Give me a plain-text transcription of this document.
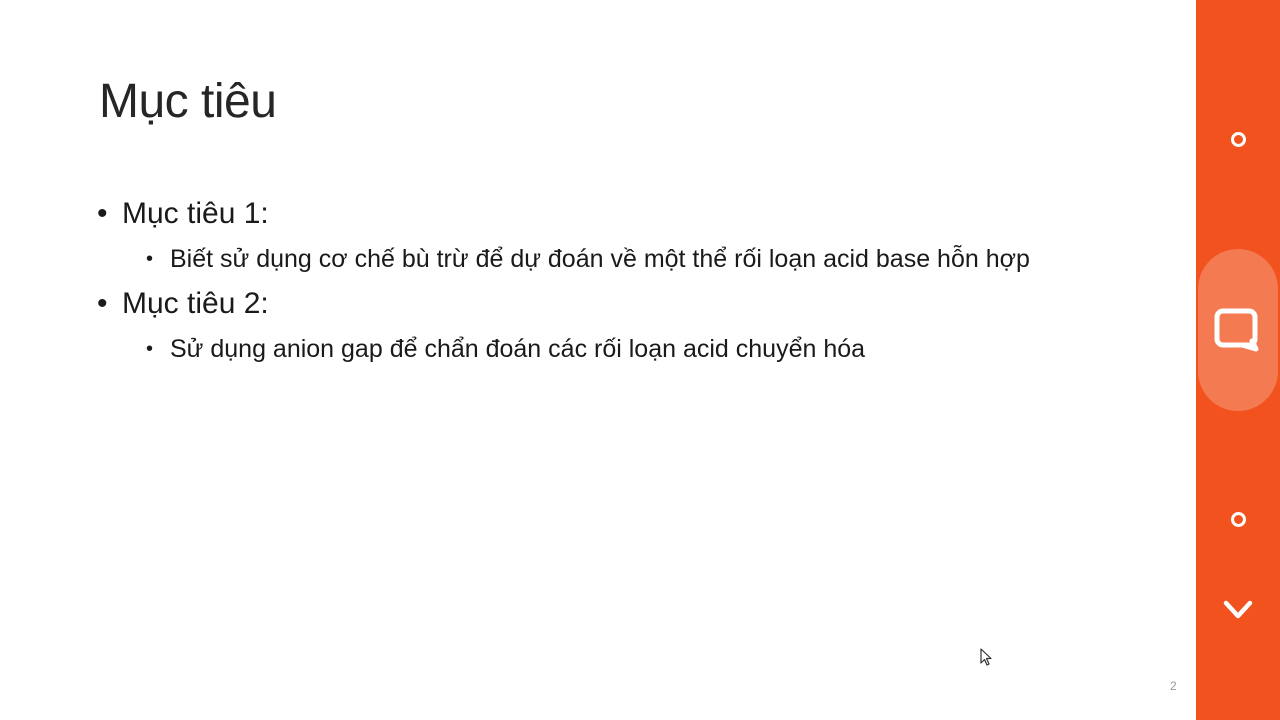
Mục tiêu
• Mục tiêu 1:
• Biết sử dụng cơ chế bù trừ để dự đoán về một thể rối loạn acid base hỗn hợp
• Mục tiêu 2:
• Sử dụng anion gap để chẩn đoán các rối loạn acid chuyển hóa
2
